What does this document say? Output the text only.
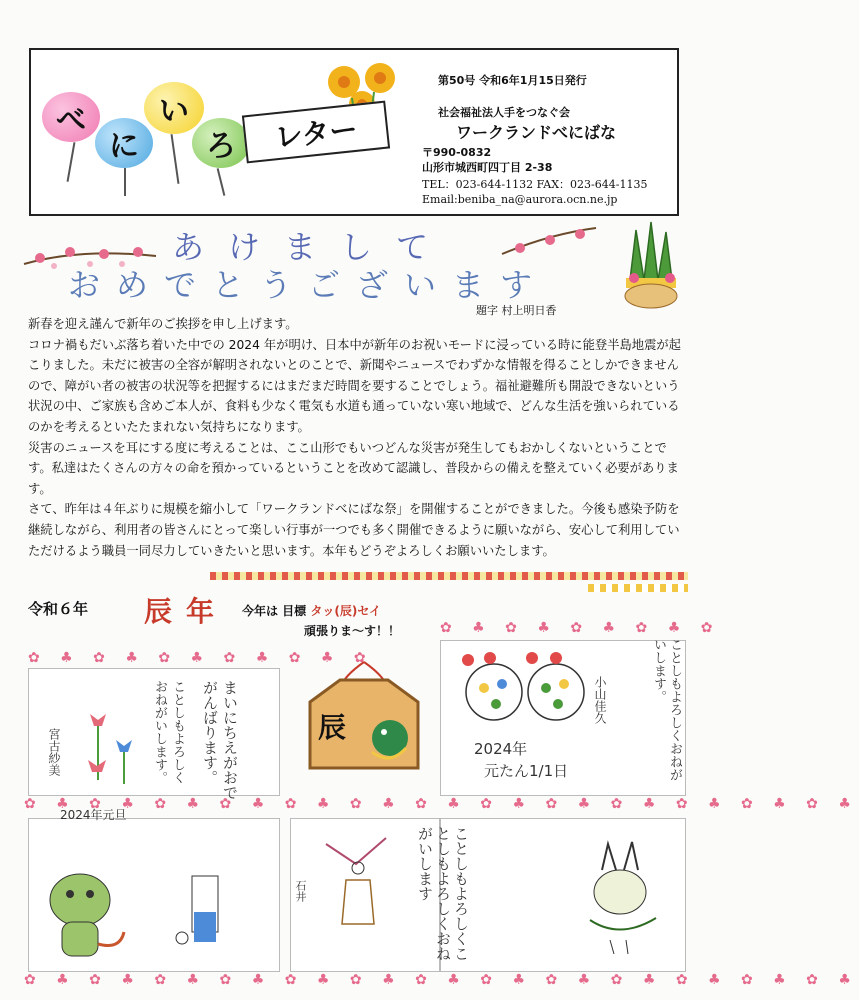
べ
に
い
ろ	レター
第50号 令和6年1月15日発行
社会福祉法人手をつなぐ会
ワークランドべにばな
〒990-0832
山形市城西町四丁目 2-38
TEL：023-644-1132 FAX：023-644-1135
Email:beniba_na@aurora.ocn.ne.jp
あけまして
おめでとうございます
題字 村上明日香

新春を迎え謹んで新年のご挨拶を申し上げます。

コロナ禍もだいぶ落ち着いた中での 2024 年が明け、日本中が新年のお祝いモードに浸っている時に能登半島地震が起こりました。未だに被害の全容が解明されないとのことで、新聞やニュースでわずかな情報を得ることしかできませんので、障がい者の被害の状況等を把握するにはまだまだ時間を要することでしょう。福祉避難所も開設できないという状況の中、ご家族も含めご本人が、食料も少なく電気も水道も通っていない寒い地域で、どんな生活を強いられているのかを考えるといたたまれない気持ちになります。

災害のニュースを耳にする度に考えることは、ここ山形でもいつどんな災害が発生してもおかしくないということです。私達はたくさんの方々の命を預かっているということを改めて認識し、普段からの備えを整えていく必要があります。

さて、昨年は４年ぶりに規模を縮小して「ワークランドべにばな祭」を開催することができました。今後も感染予防を継続しながら、利用者の皆さんにとって楽しい行事が一つでも多く開催できるように願いながら、安心して利用していただけるよう職員一同尽力していきたいと思います。本年もどうぞよろしくお願いいたします。

令和６年 辰年 今年は 目標 タッ(辰)セイ
頑張りま～す！！
✿ ♣ ✿ ♣ ✿ ♣ ✿ ♣ ✿ ♣ ✿
✿ ♣ ✿ ♣ ✿ ♣ ✿ ♣ ✿
✿ ♣ ✿ ♣ ✿ ♣ ✿ ♣ ✿ ♣ ✿ ♣ ✿ ♣ ✿ ♣ ✿ ♣ ✿ ♣ ✿ ♣ ✿ ♣ ✿ ♣
✿ ♣ ✿ ♣ ✿ ♣ ✿ ♣ ✿ ♣ ✿ ♣ ✿ ♣ ✿ ♣ ✿ ♣ ✿ ♣ ✿ ♣ ✿ ♣ ✿ ♣
ことしもよろしくおねがいします。
宮古紗美
2024年元旦
まいにちえがおでがんばります。	辰	ことしもよろしくおねがいします。
小山佳久
2024年
元たん1/1日
石井	ことしもよろしくことしもよろしくおねがいします
